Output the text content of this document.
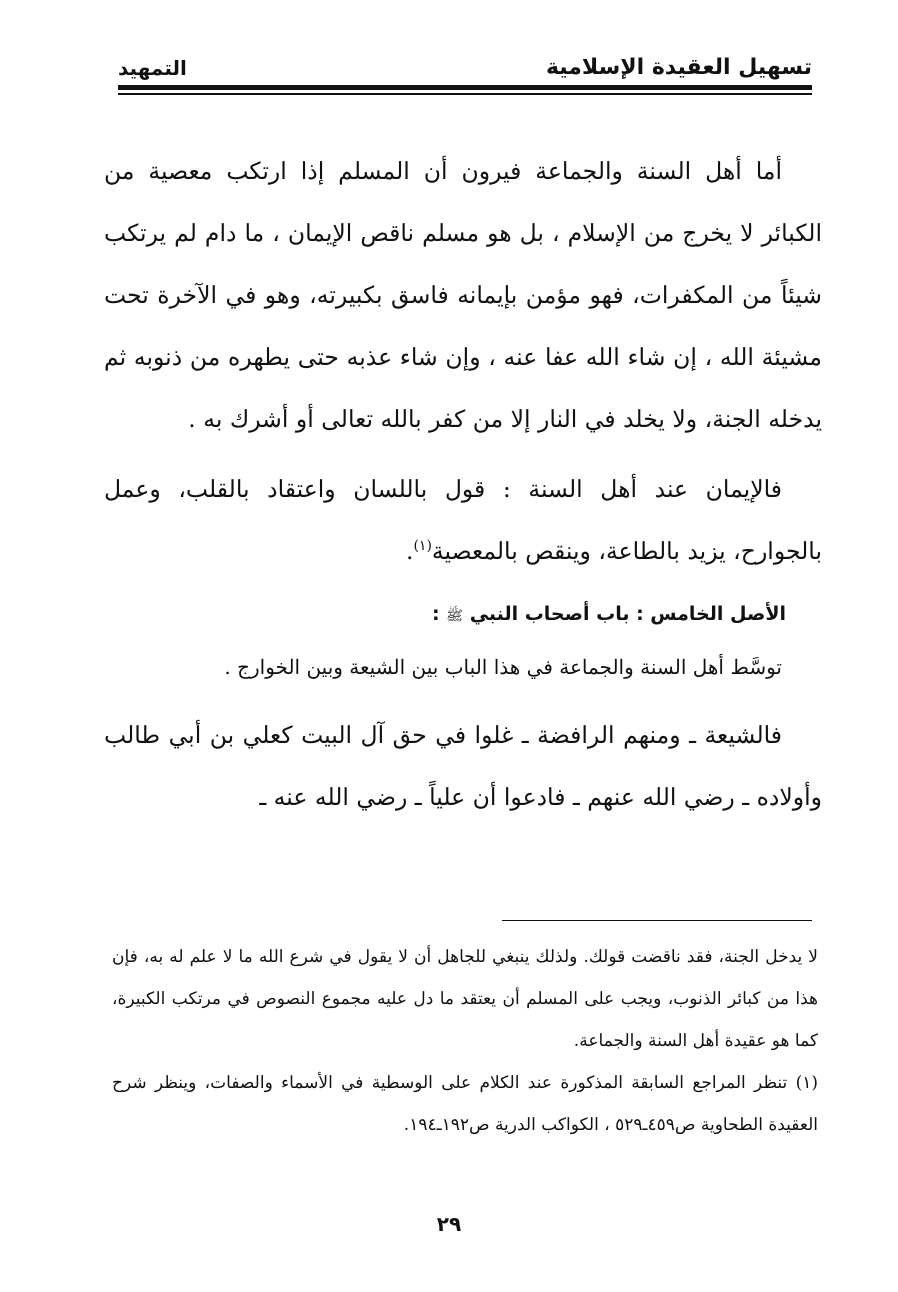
تسهيل العقيدة الإسلامية
التمهيد

أما أهل السنة والجماعة فيرون أن المسلم إذا ارتكب معصية من الكبائر لا يخرج من الإسلام ، بل هو مسلم ناقص الإيمان ، ما دام لم يرتكب شيئاً من المكفرات، فهو مؤمن بإيمانه فاسق بكبيرته، وهو في الآخرة تحت مشيئة الله ، إن شاء الله عفا عنه ، وإن شاء عذبه حتى يطهره من ذنوبه ثم يدخله الجنة، ولا يخلد في النار إلا من كفر بالله تعالى أو أشرك به .

فالإيمان عند أهل السنة : قول باللسان واعتقاد بالقلب، وعمل بالجوارح، يزيد بالطاعة، وينقص بالمعصية$^{(١)}$.

الأصل الخامس : باب أصحاب النبي ﷺ :

توسَّط أهل السنة والجماعة في هذا الباب بين الشيعة وبين الخوارج .

فالشيعة ـ ومنهم الرافضة ـ غلوا في حق آل البيت كعلي بن أبي طالب وأولاده ـ رضي الله عنهم ـ فادعوا أن علياً ـ رضي الله عنه ـ

لا يدخل الجنة، فقد ناقضت قولك. ولذلك ينبغي للجاهل أن لا يقول في شرع الله ما لا علم له به، فإن هذا من كبائر الذنوب، ويجب على المسلم أن يعتقد ما دل عليه مجموع النصوص في مرتكب الكبيرة، كما هو عقيدة أهل السنة والجماعة.

(١) تنظر المراجع السابقة المذكورة عند الكلام على الوسطية في الأسماء والصفات، وينظر شرح العقيدة الطحاوية ص٤٥٩ـ٥٢٩ ، الكواكب الدرية ص١٩٢ـ١٩٤.

٢٩
